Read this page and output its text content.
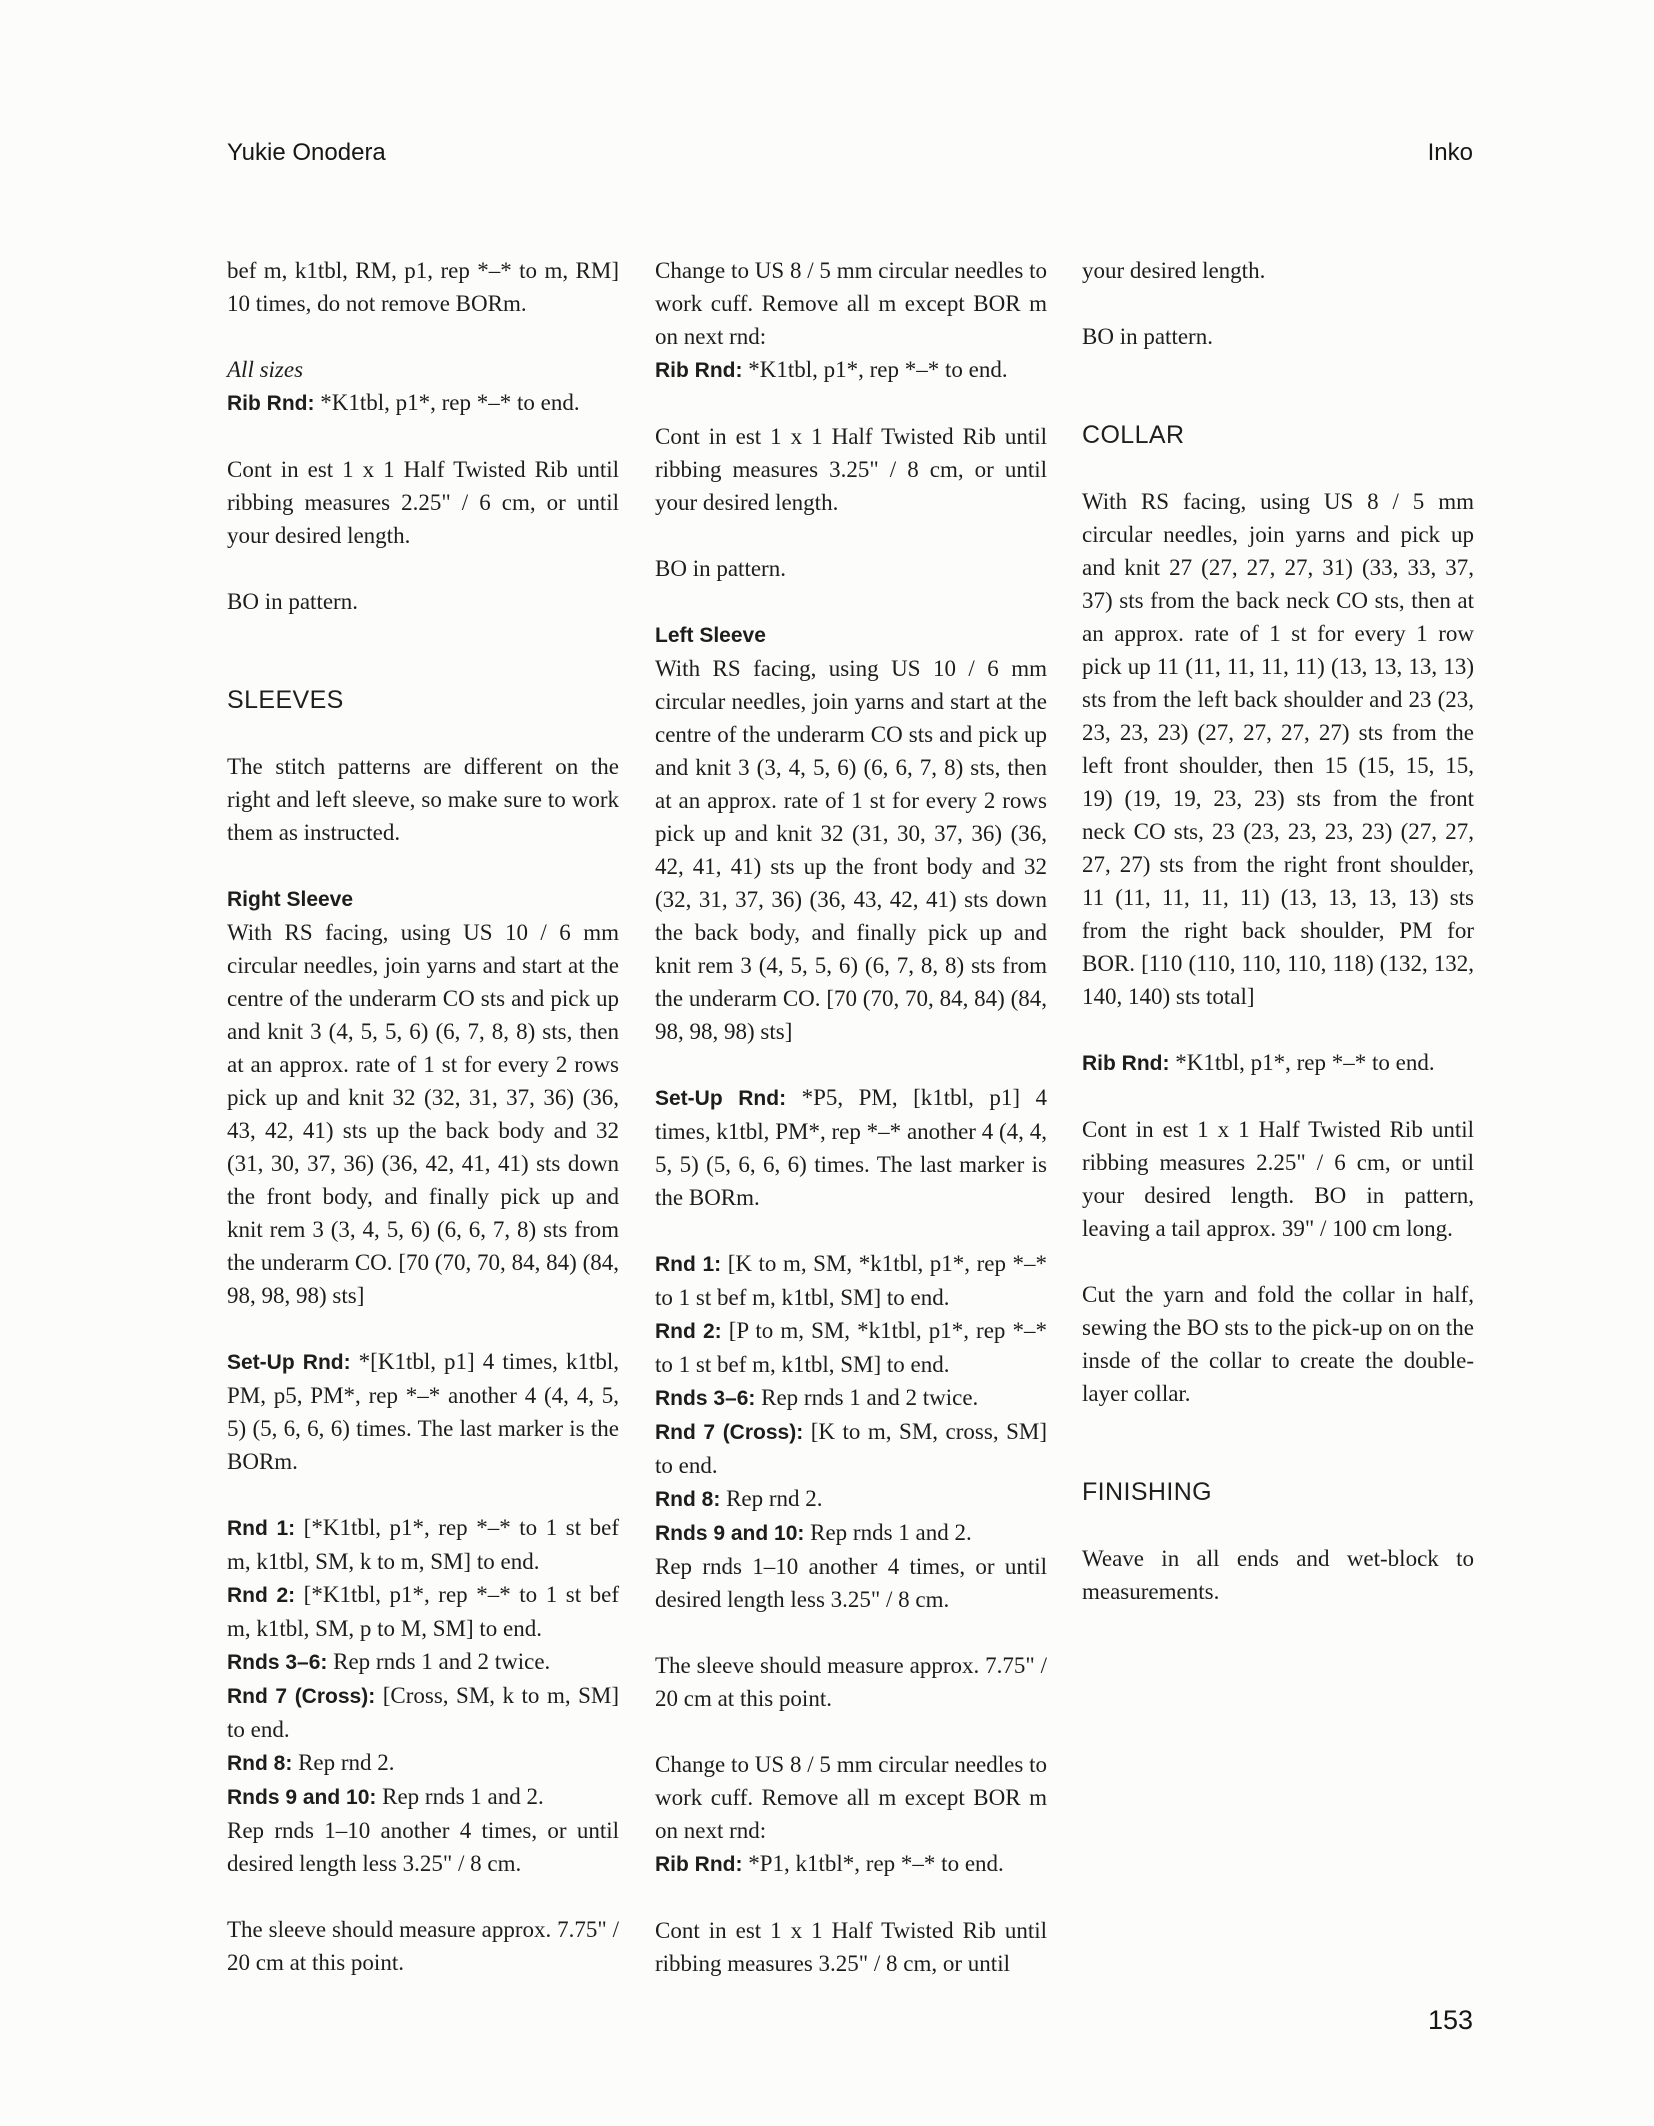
Yukie Onodera	Inko

bef m, k1tbl, RM, p1, rep *–* to m, RM] 10 times, do not remove BORm.

All sizes

Rib Rnd: *K1tbl, p1*, rep *–* to end.

Cont in est 1 x 1 Half Twisted Rib until ribbing measures 2.25" / 6 cm, or until your desired length.

BO in pattern.

SLEEVES

The stitch patterns are different on the right and left sleeve, so make sure to work them as instructed.

Right Sleeve

With RS facing, using US 10 / 6 mm circular needles, join yarns and start at the centre of the underarm CO sts and pick up and knit 3 (4, 5, 5, 6) (6, 7, 8, 8) sts, then at an approx. rate of 1 st for every 2 rows pick up and knit 32 (32, 31, 37, 36) (36, 43, 42, 41) sts up the back body and 32 (31, 30, 37, 36) (36, 42, 41, 41) sts down the front body, and finally pick up and knit rem 3 (3, 4, 5, 6) (6, 6, 7, 8) sts from the underarm CO. [70 (70, 70, 84, 84) (84, 98, 98, 98) sts]

Set-Up Rnd: *[K1tbl, p1] 4 times, k1tbl, PM, p5, PM*, rep *–* another 4 (4, 4, 5, 5) (5, 6, 6, 6) times. The last marker is the BORm.

Rnd 1: [*K1tbl, p1*, rep *–* to 1 st bef m, k1tbl, SM, k to m, SM] to end.

Rnd 2: [*K1tbl, p1*, rep *–* to 1 st bef m, k1tbl, SM, p to M, SM] to end.

Rnds 3–6: Rep rnds 1 and 2 twice.

Rnd 7 (Cross): [Cross, SM, k to m, SM] to end.

Rnd 8: Rep rnd 2.

Rnds 9 and 10: Rep rnds 1 and 2.

Rep rnds 1–10 another 4 times, or until desired length less 3.25" / 8 cm.

The sleeve should measure approx. 7.75" / 20 cm at this point.

Change to US 8 / 5 mm circular needles to work cuff. Remove all m except BOR m on next rnd:

Rib Rnd: *K1tbl, p1*, rep *–* to end.

Cont in est 1 x 1 Half Twisted Rib until ribbing measures 3.25" / 8 cm, or until your desired length.

BO in pattern.

Left Sleeve

With RS facing, using US 10 / 6 mm circular needles, join yarns and start at the centre of the underarm CO sts and pick up and knit 3 (3, 4, 5, 6) (6, 6, 7, 8) sts, then at an approx. rate of 1 st for every 2 rows pick up and knit 32 (31, 30, 37, 36) (36, 42, 41, 41) sts up the front body and 32 (32, 31, 37, 36) (36, 43, 42, 41) sts down the back body, and finally pick up and knit rem 3 (4, 5, 5, 6) (6, 7, 8, 8) sts from the underarm CO. [70 (70, 70, 84, 84) (84, 98, 98, 98) sts]

Set-Up Rnd: *P5, PM, [k1tbl, p1] 4 times, k1tbl, PM*, rep *–* another 4 (4, 4, 5, 5) (5, 6, 6, 6) times. The last marker is the BORm.

Rnd 1: [K to m, SM, *k1tbl, p1*, rep *–* to 1 st bef m, k1tbl, SM] to end.

Rnd 2: [P to m, SM, *k1tbl, p1*, rep *–* to 1 st bef m, k1tbl, SM] to end.

Rnds 3–6: Rep rnds 1 and 2 twice.

Rnd 7 (Cross): [K to m, SM, cross, SM] to end.

Rnd 8: Rep rnd 2.

Rnds 9 and 10: Rep rnds 1 and 2.

Rep rnds 1–10 another 4 times, or until desired length less 3.25" / 8 cm.

The sleeve should measure approx. 7.75" / 20 cm at this point.

Change to US 8 / 5 mm circular needles to work cuff. Remove all m except BOR m on next rnd:

Rib Rnd: *P1, k1tbl*, rep *–* to end.

Cont in est 1 x 1 Half Twisted Rib until ribbing measures 3.25" / 8 cm, or until

your desired length.

BO in pattern.

COLLAR

With RS facing, using US 8 / 5 mm circular needles, join yarns and pick up and knit 27 (27, 27, 27, 31) (33, 33, 37, 37) sts from the back neck CO sts, then at an approx. rate of 1 st for every 1 row pick up 11 (11, 11, 11, 11) (13, 13, 13, 13) sts from the left back shoulder and 23 (23, 23, 23, 23) (27, 27, 27, 27) sts from the left front shoulder, then 15 (15, 15, 15, 19) (19, 19, 23, 23) sts from the front neck CO sts, 23 (23, 23, 23, 23) (27, 27, 27, 27) sts from the right front shoulder, 11 (11, 11, 11, 11) (13, 13, 13, 13) sts from the right back shoulder, PM for BOR. [110 (110, 110, 110, 118) (132, 132, 140, 140) sts total]

Rib Rnd: *K1tbl, p1*, rep *–* to end.

Cont in est 1 x 1 Half Twisted Rib until ribbing measures 2.25" / 6 cm, or until your desired length. BO in pattern, leaving a tail approx. 39" / 100 cm long.

Cut the yarn and fold the collar in half, sewing the BO sts to the pick-up on on the insde of the collar to create the double-layer collar.

FINISHING

Weave in all ends and wet-block to measurements.

153
